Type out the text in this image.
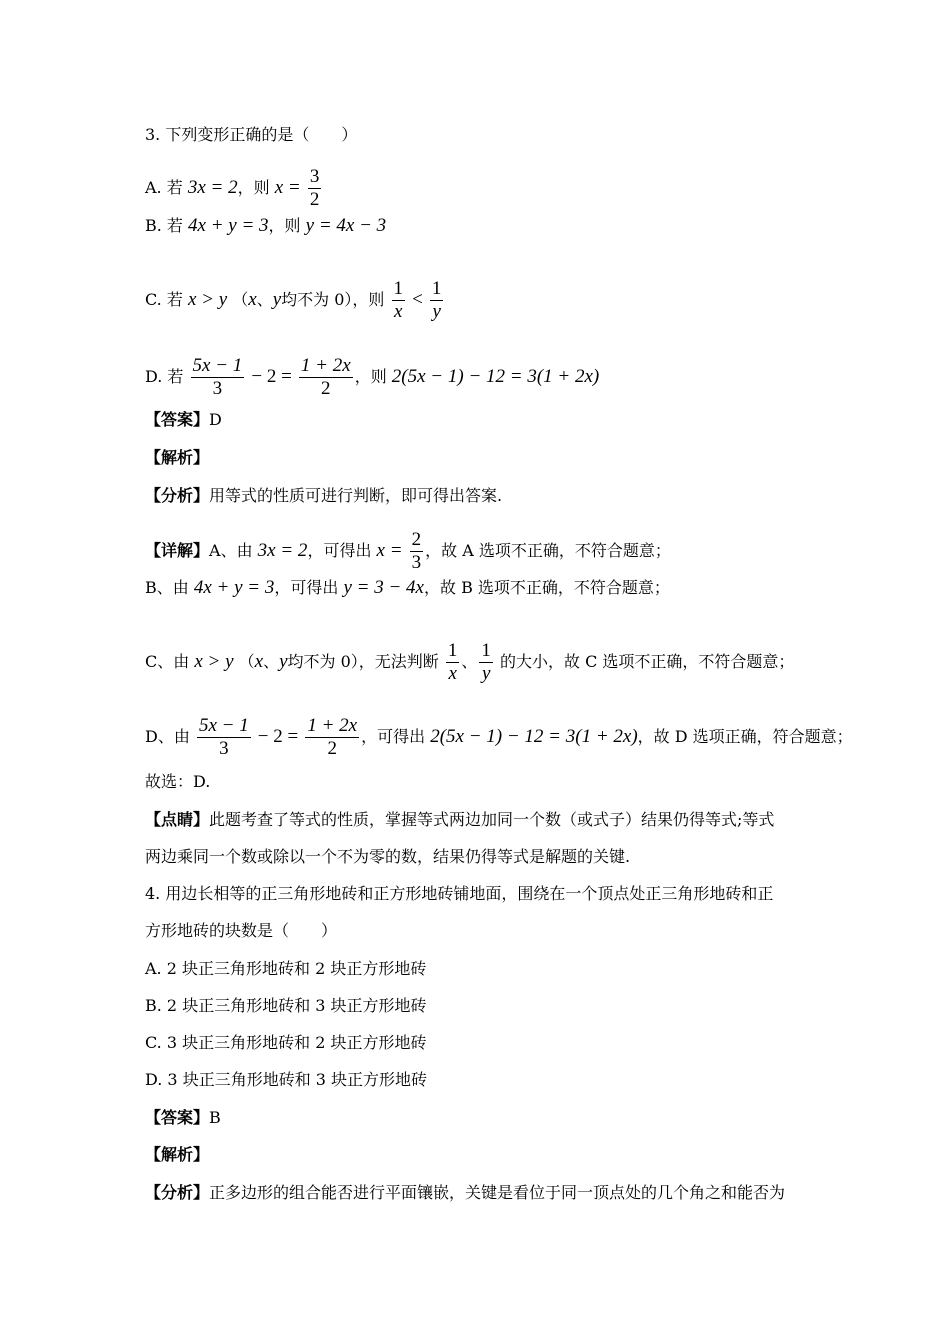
3. 下列变形正确的是（　　）
A. 若 3x = 2，则 $x = \frac{3}{2}$
B. 若 4x + y = 3，则 y = 4x − 3
C. 若 x > y （x、y均不为 0），则 $\frac{1}{x} < \frac{1}{y}$
D. 若 $\frac{5x - 1}{3} - 2 = \frac{1 + 2x}{2}$ ，则 2(5x − 1) − 12 = 3(1 + 2x)
【答案】D
【解析】
【分析】用等式的性质可进行判断，即可得出答案.
【详解】A、由 3x = 2，可得出 $x = \frac{2}{3}$ ，故 A 选项不正确，不符合题意；
B、由 4x + y = 3，可得出 y = 3 − 4x，故 B 选项不正确，不符合题意；
C、由 x > y （x、y均不为 0），无法判断 $\frac{1}{x}$ 、 $\frac{1}{y}$ 的大小，故 C 选项不正确，不符合题意；
D、由 $\frac{5x - 1}{3} - 2 = \frac{1 + 2x}{2}$ ，可得出 2(5x − 1) − 12 = 3(1 + 2x)，故 D 选项正确，符合题意；
故选：D.
【点睛】此题考查了等式的性质，掌握等式两边加同一个数（或式子）结果仍得等式;等式
两边乘同一个数或除以一个不为零的数，结果仍得等式是解题的关键.
4. 用边长相等的正三角形地砖和正方形地砖铺地面，围绕在一个顶点处正三角形地砖和正
方形地砖的块数是（　　）
A. 2 块正三角形地砖和 2 块正方形地砖
B. 2 块正三角形地砖和 3 块正方形地砖
C. 3 块正三角形地砖和 2 块正方形地砖
D. 3 块正三角形地砖和 3 块正方形地砖
【答案】B
【解析】
【分析】正多边形的组合能否进行平面镶嵌，关键是看位于同一顶点处的几个角之和能否为
